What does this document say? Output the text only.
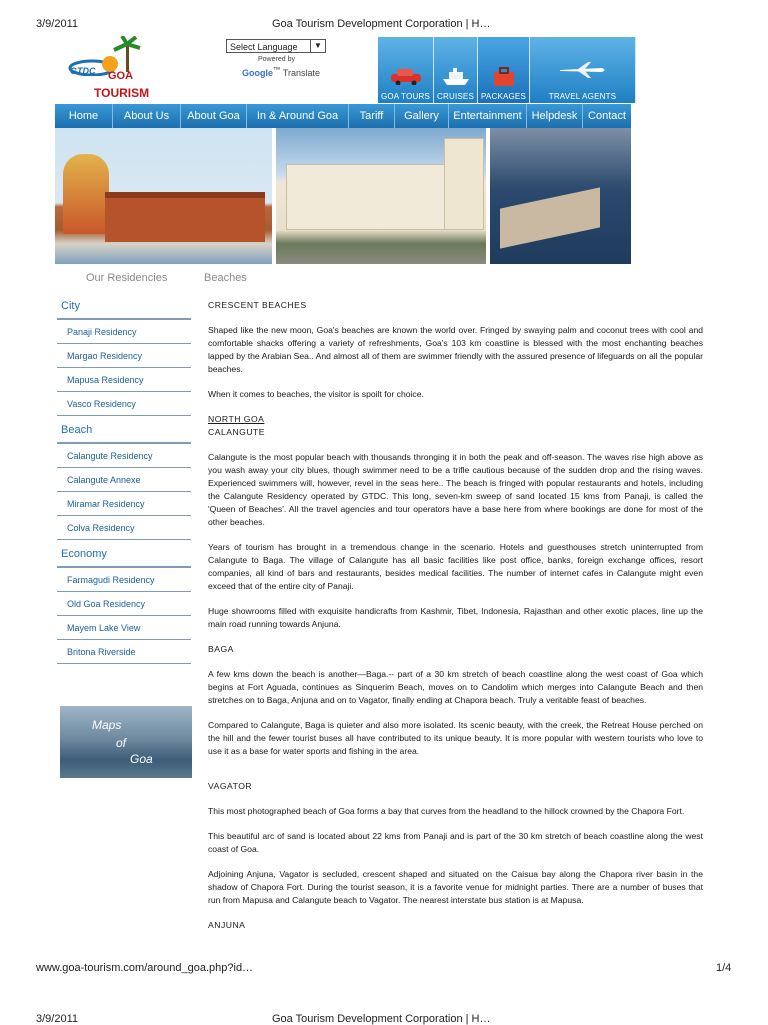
3/9/2011	Goa Tourism Development Corporation | H…
GTDC GOA
TOURISM
Select Language	▼
Powered by
Google™ Translate
GOA TOURS CRUISES PACKAGES	TRAVEL AGENTS
Home	About Us	About Goa	In & Around Goa	Tariff	Gallery	Entertainment Helpdesk Contact
Our Residencies	Beaches
City
Panaji Residency
Margao Residency
Mapusa Residency
Vasco Residency
Beach
Calangute Residency
Calangute Annexe
Miramar Residency
Colva Residency
Economy
Farmagudi Residency
Old Goa Residency
Mayem Lake View
Britona Riverside
Maps
of
Goa

CRESCENT BEACHES

Shaped like the new moon, Goa's beaches are known the world over. Fringed by swaying palm and coconut trees with cool and comfortable shacks offering a variety of refreshments, Goa's 103 km coastline is blessed with the most enchanting beaches lapped by the Arabian Sea.. And almost all of them are swimmer friendly with the assured presence of lifeguards on all the popular beaches.

When it comes to beaches, the visitor is spoilt for choice.

NORTH GOA

CALANGUTE

Calangute is the most popular beach with thousands thronging it in both the peak and off-season. The waves rise high above as you wash away your city blues, though swimmer need to be a trifle cautious because of the sudden drop and the rising waves. Experienced swimmers will, however, revel in the seas here.. The beach is fringed with popular restaurants and hotels, including the Calangute Residency operated by GTDC. This long, seven-km sweep of sand located 15 kms from Panaji, is called the 'Queen of Beaches'. All the travel agencies and tour operators have a base here from where bookings are done for most of the other beaches.

Years of tourism has brought in a tremendous change in the scenario. Hotels and guesthouses stretch uninterrupted from Calangute to Baga. The village of Calangute has all basic facilities like post office, banks, foreign exchange offices, resort companies, all kind of bars and restaurants, besides medical facilities. The number of internet cafes in Calangute might even exceed that of the entire city of Panaji.

Huge showrooms filled with exquisite handicrafts from Kashmir, Tibet, Indonesia, Rajasthan and other exotic places, line up the main road running towards Anjuna.

BAGA

A few kms down the beach is another—Baga.-- part of a 30 km stretch of beach coastline along the west coast of Goa which begins at Fort Aguada, continues as Sinquerim Beach, moves on to Candolim which merges into Calangute Beach and then stretches on to Baga, Anjuna and on to Vagator, finally ending at Chapora beach. Truly a veritable feast of beaches.

Compared to Calangute, Baga is quieter and also more isolated. Its scenic beauty, with the creek, the Retreat House perched on the hill and the fewer tourist buses all have contributed to its unique beauty. It is more popular with western tourists who love to use it as a base for water sports and fishing in the area.

VAGATOR

This most photographed beach of Goa forms a bay that curves from the headland to the hillock crowned by the Chapora Fort.

This beautiful arc of sand is located about 22 kms from Panaji and is part of the 30 km stretch of beach coastline along the west coast of Goa.

Adjoining Anjuna, Vagator is secluded, crescent shaped and situated on the Caisua bay along the Chapora river basin in the shadow of Chapora Fort. During the tourist season, it is a favorite venue for midnight parties. There are a number of buses that run from Mapusa and Calangute beach to Vagator. The nearest interstate bus station is at Mapusa.

ANJUNA

www.goa-tourism.com/around_goa.php?id…	1/4
3/9/2011	Goa Tourism Development Corporation | H…
